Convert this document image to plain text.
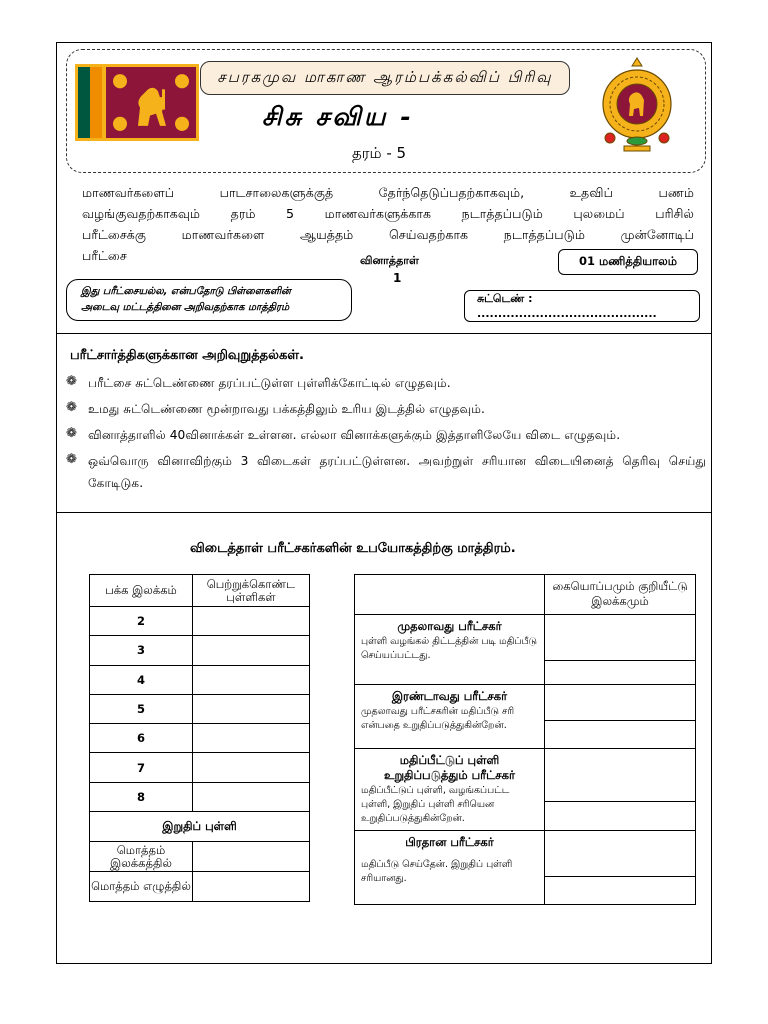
சபரகமுவ மாகாண ஆரம்பக்கல்விப் பிரிவு
சிசு சவிய -
தரம் - 5
மாணவர்களைப் பாடசாலைகளுக்குத் தேர்ந்தெடுப்பதற்காகவும், உதவிப் பணம்
வழங்குவதற்காகவும் தரம் 5 மாணவர்களுக்காக நடாத்தப்படும் புலமைப் பரிசில்
பரீட்சைக்கு மாணவர்களை ஆயத்தம் செய்வதற்காக நடாத்தப்படும் முன்னோடிப்
பரீட்சை	வினாத்தாள்
1
01 மணித்தியாலம்
இது பரீட்சையல்ல, என்பதோடு பிள்ளைகளின்
அடைவு மட்டத்தினை அறிவதற்காக மாத்திரம்
சுட்டெண் : ...........................................
பரீட்சார்த்திகளுக்கான அறிவுறுத்தல்கள்.
❁ பரீட்சை சுட்டெண்ணை தரப்பட்டுள்ள புள்ளிக்கோட்டில் எழுதவும்.
❁ உமது சுட்டெண்ணை மூன்றாவது பக்கத்திலும் உரிய இடத்தில் எழுதவும்.
❁ வினாத்தாளில் 40வினாக்கள் உள்ளன. எல்லா வினாக்களுக்கும் இத்தாளிலேயே விடை எழுதவும்.
❁ ஒவ்வொரு வினாவிற்கும் 3 விடைகள் தரப்பட்டுள்ளன. அவற்றுள் சரியான விடையினைத் தெரிவு செய்து கோடிடுக.
விடைத்தாள் பரீட்சகர்களின் உபயோகத்திற்கு மாத்திரம்.
பக்க இலக்கம்	பெற்றுக்கொண்ட புள்ளிகள்
2	
3	
4	
5	
6	
7	
8	
இறுதிப் புள்ளி	
மொத்தம் இலக்கத்தில்	
மொத்தம் எழுத்தில்	
	கையொப்பமும் குறியீட்டு இலக்கமும்

முதலாவது பரீட்சகர்
புள்ளி வழங்கல் திட்டத்தின் படி மதிப்பீடு செய்யப்பட்டது.	

இரண்டாவது பரீட்சகர்
முதலாவது பரீட்சகரின் மதிப்பீடு சரி என்பதை உறுதிப்படுத்துகின்றேன்.	

மதிப்பீட்டுப் புள்ளி உறுதிப்படுத்தும் பரீட்சகர்
மதிப்பீட்டுப் புள்ளி, வழங்கப்பட்ட புள்ளி, இறுதிப் புள்ளி சரியென உறுதிப்படுத்துகின்றேன்.	

பிரதான பரீட்சகர்
மதிப்பீடு செய்தேன். இறுதிப் புள்ளி சரியானது.	
